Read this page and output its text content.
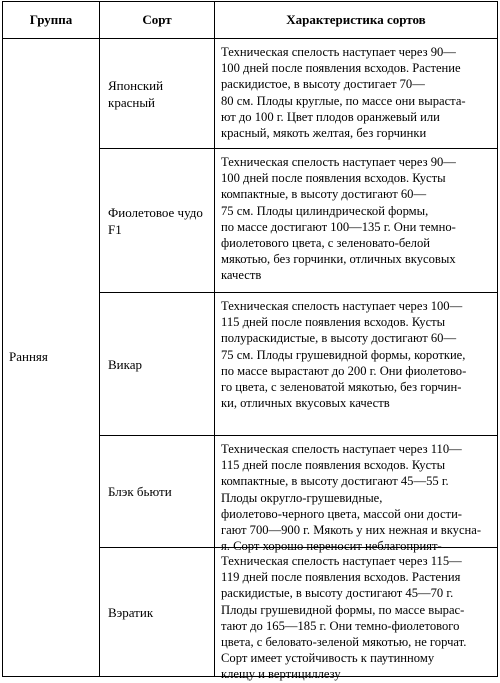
Группа	Сорт	Характеристика сортов
Ранняя
Японский красный
Техническая спелость наступает через 90—
100 дней после появления всходов. Растение
раскидистое, в высоту достигает 70—
80 см. Плоды круглые, по массе они выраста-
ют до 100 г. Цвет плодов оранжевый или
красный, мякоть желтая, без горчинки
Фиолетовое чудо F1
Техническая спелость наступает через 90—
100 дней после появления всходов. Кусты
компактные, в высоту достигают 60—
75 см. Плоды цилиндрической формы,
по массе достигают 100—135 г. Они темно-
фиолетового цвета, с зеленовато-белой
мякотью, без горчинки, отличных вкусовых
качеств
Викар
Техническая спелость наступает через 100—
115 дней после появления всходов. Кусты
полураскидистые, в высоту достигают 60—
75 см. Плоды грушевидной формы, короткие,
по массе вырастают до 200 г. Они фиолетово-
го цвета, с зеленоватой мякотью, без горчин-
ки, отличных вкусовых качеств
Блэк бьюти
Техническая спелость наступает через 110—
115 дней после появления всходов. Кусты
компактные, в высоту достигают 45—55 г.
Плоды округло-грушевидные,
фиолетово-черного цвета, массой они дости-
гают 700—900 г. Мякоть у них нежная и вкусна-
я. Сорт хорошо переносит неблагоприят-
Вэратик
Техническая спелость наступает через 115—
119 дней после появления всходов. Растения
раскидистые, в высоту достигают 45—70 г.
Плоды грушевидной формы, по массе вырас-
тают до 165—185 г. Они темно-фиолетового
цвета, с беловато-зеленой мякотью, не горчат.
Сорт имеет устойчивость к паутинному
клещу и вертициллезу
